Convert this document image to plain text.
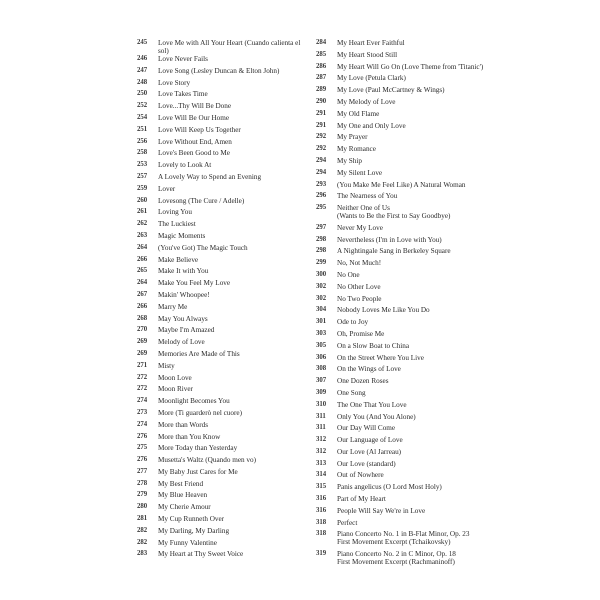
245	Love Me with All Your Heart (Cuando calienta el sol)
246	Love Never Fails
247	Love Song (Lesley Duncan & Elton John)
248	Love Story
250	Love Takes Time
252	Love...Thy Will Be Done
254	Love Will Be Our Home
251	Love Will Keep Us Together
256	Love Without End, Amen
258	Love's Been Good to Me
253	Lovely to Look At
257	A Lovely Way to Spend an Evening
259	Lover
260	Lovesong (The Cure / Adelle)
261	Loving You
262	The Luckiest
263	Magic Moments
264	(You've Got) The Magic Touch
266	Make Believe
265	Make It with You
264	Make You Feel My Love
267	Makin' Whoopee!
266	Marry Me
268	May You Always
270	Maybe I'm Amazed
269	Melody of Love
269	Memories Are Made of This
271	Misty
272	Moon Love
272	Moon River
274	Moonlight Becomes You
273	More (Ti guarderò nel cuore)
274	More than Words
276	More than You Know
275	More Today than Yesterday
276	Musetta's Waltz (Quando men vo)
277	My Baby Just Cares for Me
278	My Best Friend
279	My Blue Heaven
280	My Cherie Amour
281	My Cup Runneth Over
282	My Darling, My Darling
282	My Funny Valentine
283	My Heart at Thy Sweet Voice
284	My Heart Ever Faithful
285	My Heart Stood Still
286	My Heart Will Go On (Love Theme from 'Titanic')
287	My Love (Petula Clark)
289	My Love (Paul McCartney & Wings)
290	My Melody of Love
291	My Old Flame
291	My One and Only Love
292	My Prayer
292	My Romance
294	My Ship
294	My Silent Love
293	(You Make Me Feel Like) A Natural Woman
296	The Nearness of You
295	Neither One of Us
(Wants to Be the First to Say Goodbye)
297	Never My Love
298	Nevertheless (I'm in Love with You)
298	A Nightingale Sang in Berkeley Square
299	No, Not Much!
300	No One
302	No Other Love
302	No Two People
304	Nobody Loves Me Like You Do
301	Ode to Joy
303	Oh, Promise Me
305	On a Slow Boat to China
306	On the Street Where You Live
308	On the Wings of Love
307	One Dozen Roses
309	One Song
310	The One That You Love
311	Only You (And You Alone)
311	Our Day Will Come
312	Our Language of Love
312	Our Love (Al Jarreau)
313	Our Love (standard)
314	Out of Nowhere
315	Panis angelicus (O Lord Most Holy)
316	Part of My Heart
316	People Will Say We're in Love
318	Perfect
318	Piano Concerto No. 1 in B-Flat Minor, Op. 23
First Movement Excerpt (Tchaikovsky)
319	Piano Concerto No. 2 in C Minor, Op. 18
First Movement Excerpt (Rachmaninoff)
